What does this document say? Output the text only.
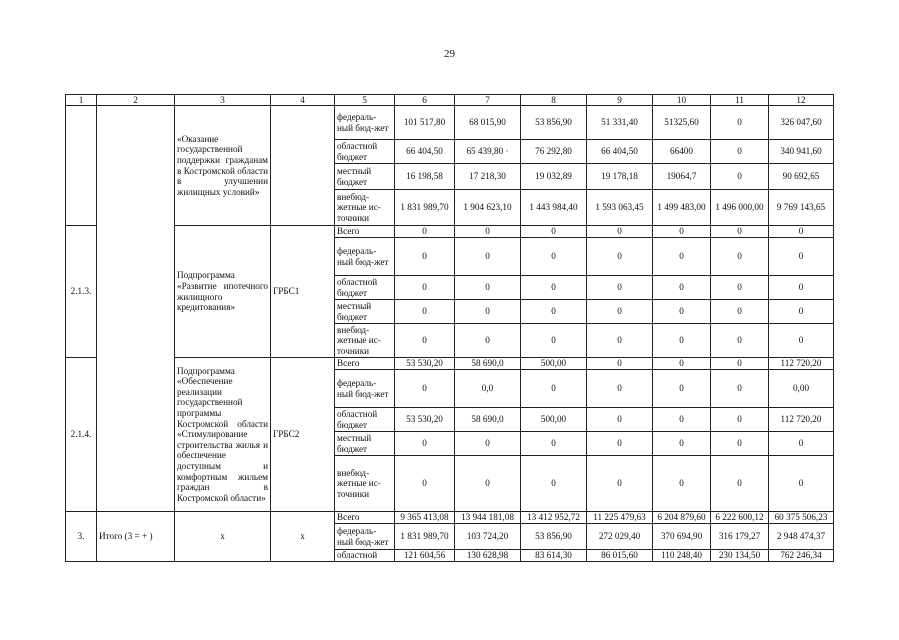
29
1	2	3	4	5	6	7	8	9	10	11	12
		«Оказание государственной поддержки гражданам в Костромской области в улучшении жилищных условий»		федераль-ный бюд-жет	101 517,80	68 015,90	53 856,90	51 331,40	51325,60	0	326 047,60
				областной бюджет	66 404,50	65 439,80 ·	76 292,80	66 404,50	66400	0	340 941,60
				местный бюджет	16 198,58	17 218,30	19 032,89	19 178,18	19064,7	0	90 692,65
				внебюд-жетные ис-точники	1 831 989,70	1 904 623,10	1 443 984,40	1 593 063,45	1 499 483,00	1 496 000,00	9 769 143,65
2.1.3.		Подпрограмма «Развитие ипотечного жилищного кредитования»	ГРБС1	Всего	0	0	0	0	0	0	0
				федераль-ный бюд-жет	0	0	0	0	0	0	0
				областной бюджет	0	0	0	0	0	0	0
				местный бюджет	0	0	0	0	0	0	0
				внебюд-жетные ис-точники	0	0	0	0	0	0	0
2.1.4.		Подпрограмма «Обеспечение реализации государственной программы Костромской области «Стимулирование строительства жилья и обеспечение доступным и комфортным жильем граждан в Костромской области»	ГРБС2	Всего	53 530,20	58 690,0	500,00	0	0	0	112 720,20
				федераль-ный бюд-жет	0	0,0	0	0	0	0	0,00
				областной бюджет	53 530,20	58 690,0	500,00	0	0	0	112 720,20
				местный бюджет	0	0	0	0	0	0	0
				внебюд-жетные ис-точники	0	0	0	0	0	0	0
3.	Итого (3 = + )	х	х	Всего	9 365 413,08	13 944 181,08	13 412 952,72	11 225 479,63	6 204 879,60	6 222 600,12	60 375 506,23
				федераль-ный бюд-жет	1 831 989,70	103 724,20	53 856,90	272 029,40	370 694,90	316 179,27	2 948 474,37
				областной	121 604,56	130 628,98	83 614,30	86 015,60	110 248,40	230 134,50	762 246,34
